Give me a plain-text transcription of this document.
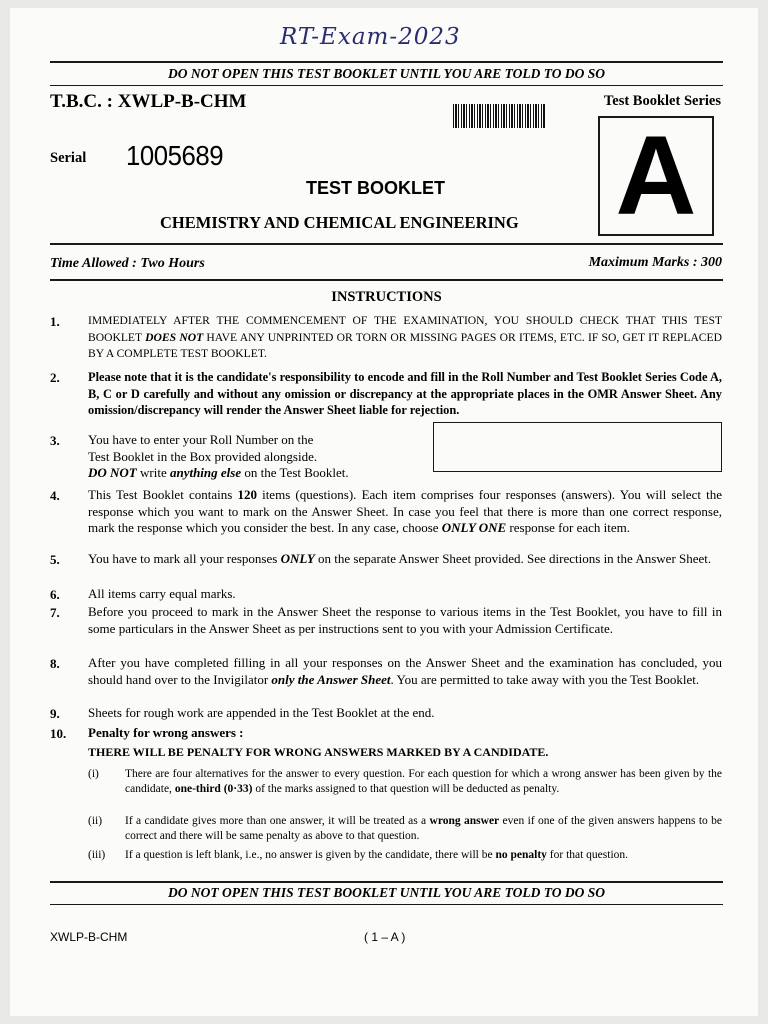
RT-Exam-2023
DO NOT OPEN THIS TEST BOOKLET UNTIL YOU ARE TOLD TO DO SO
T.B.C. : XWLP-B-CHM	Test Booklet Series
A
Serial 1005689
TEST BOOKLET
CHEMISTRY AND CHEMICAL ENGINEERING
Time Allowed : Two Hours	Maximum Marks : 300
INSTRUCTIONS
1. IMMEDIATELY AFTER THE COMMENCEMENT OF THE EXAMINATION, YOU SHOULD CHECK THAT THIS TEST BOOKLET DOES NOT HAVE ANY UNPRINTED OR TORN OR MISSING PAGES OR ITEMS, ETC. IF SO, GET IT REPLACED BY A COMPLETE TEST BOOKLET.
2. Please note that it is the candidate's responsibility to encode and fill in the Roll Number and Test Booklet Series Code A, B, C or D carefully and without any omission or discrepancy at the appropriate places in the OMR Answer Sheet. Any omission/discrepancy will render the Answer Sheet liable for rejection.
3. You have to enter your Roll Number on the
Test Booklet in the Box provided alongside.
DO NOT write anything else on the Test Booklet.
4. This Test Booklet contains 120 items (questions). Each item comprises four responses (answers). You will select the response which you want to mark on the Answer Sheet. In case you feel that there is more than one correct response, mark the response which you consider the best. In any case, choose ONLY ONE response for each item.
5. You have to mark all your responses ONLY on the separate Answer Sheet provided. See directions in the Answer Sheet.
6. All items carry equal marks.
7. Before you proceed to mark in the Answer Sheet the response to various items in the Test Booklet, you have to fill in some particulars in the Answer Sheet as per instructions sent to you with your Admission Certificate.
8. After you have completed filling in all your responses on the Answer Sheet and the examination has concluded, you should hand over to the Invigilator only the Answer Sheet. You are permitted to take away with you the Test Booklet.
9. Sheets for rough work are appended in the Test Booklet at the end.
10. Penalty for wrong answers :
THERE WILL BE PENALTY FOR WRONG ANSWERS MARKED BY A CANDIDATE.
(i) There are four alternatives for the answer to every question. For each question for which a wrong answer has been given by the candidate, one-third (0·33) of the marks assigned to that question will be deducted as penalty.
(ii) If a candidate gives more than one answer, it will be treated as a wrong answer even if one of the given answers happens to be correct and there will be same penalty as above to that question.
(iii) If a question is left blank, i.e., no answer is given by the candidate, there will be no penalty for that question.
DO NOT OPEN THIS TEST BOOKLET UNTIL YOU ARE TOLD TO DO SO
XWLP-B-CHM	( 1 – A )
